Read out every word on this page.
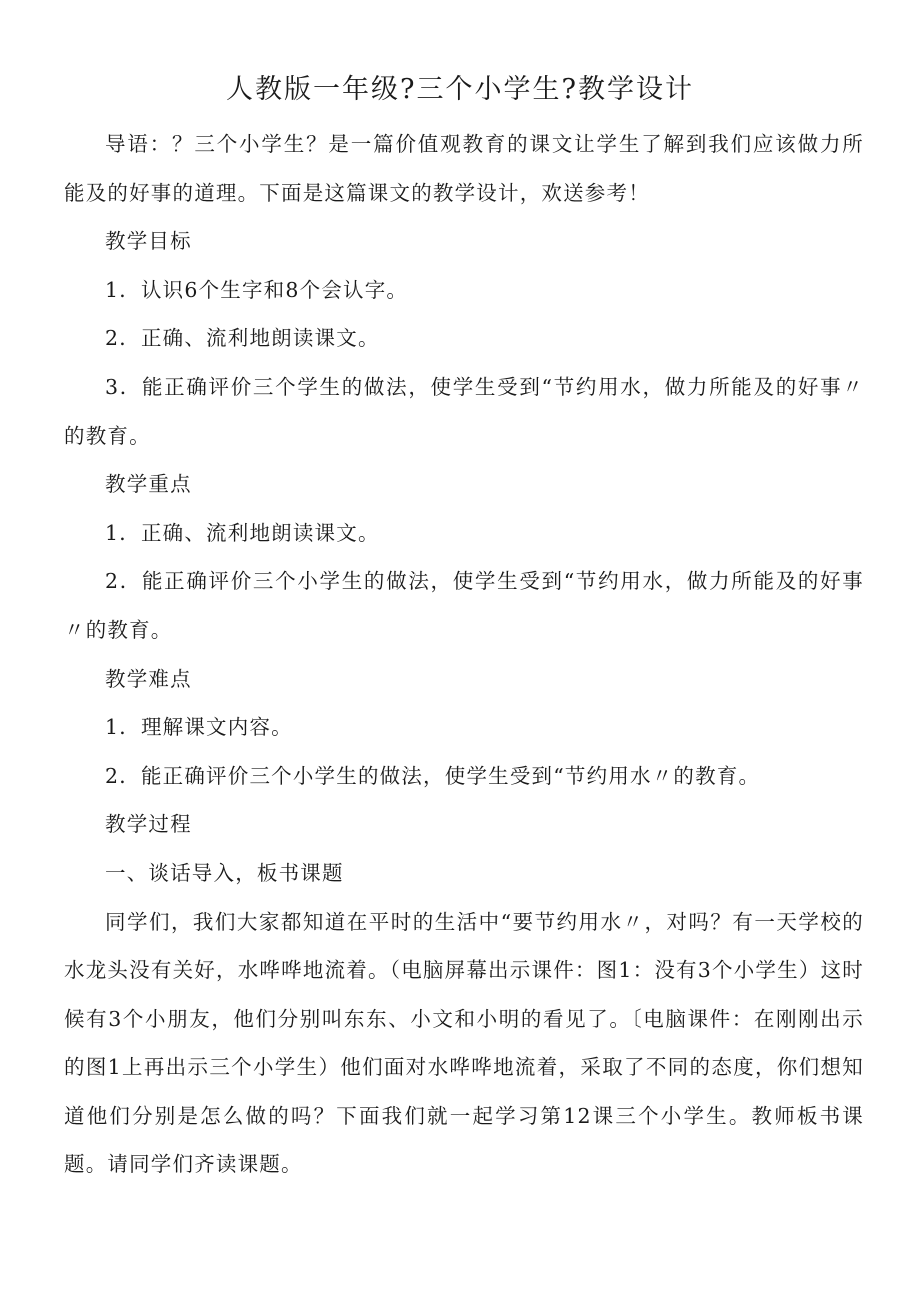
人教版一年级?三个小学生?教学设计

导语：？三个小学生？是一篇价值观教育的课文让学生了解到我们应该做力所能及的好事的道理。下面是这篇课文的教学设计，欢送参考！

教学目标

1．认识6个生字和8个会认字。

2．正确、流利地朗读课文。

3．能正确评价三个学生的做法，使学生受到“节约用水，做力所能及的好事〃的教育。

教学重点

1．正确、流利地朗读课文。

2．能正确评价三个小学生的做法，使学生受到“节约用水，做力所能及的好事〃的教育。

教学难点

1．理解课文内容。

2．能正确评价三个小学生的做法，使学生受到“节约用水〃的教育。

教学过程

一、谈话导入，板书课题

同学们，我们大家都知道在平时的生活中“要节约用水〃，对吗？有一天学校的水龙头没有关好，水哗哗地流着。（电脑屏幕出示课件：图1：没有3个小学生）这时候有3个小朋友，他们分别叫东东、小文和小明的看见了。〔电脑课件：在刚刚出示的图1上再出示三个小学生）他们面对水哗哗地流着，采取了不同的态度，你们想知道他们分别是怎么做的吗？下面我们就一起学习第12课三个小学生。教师板书课题。请同学们齐读课题。
